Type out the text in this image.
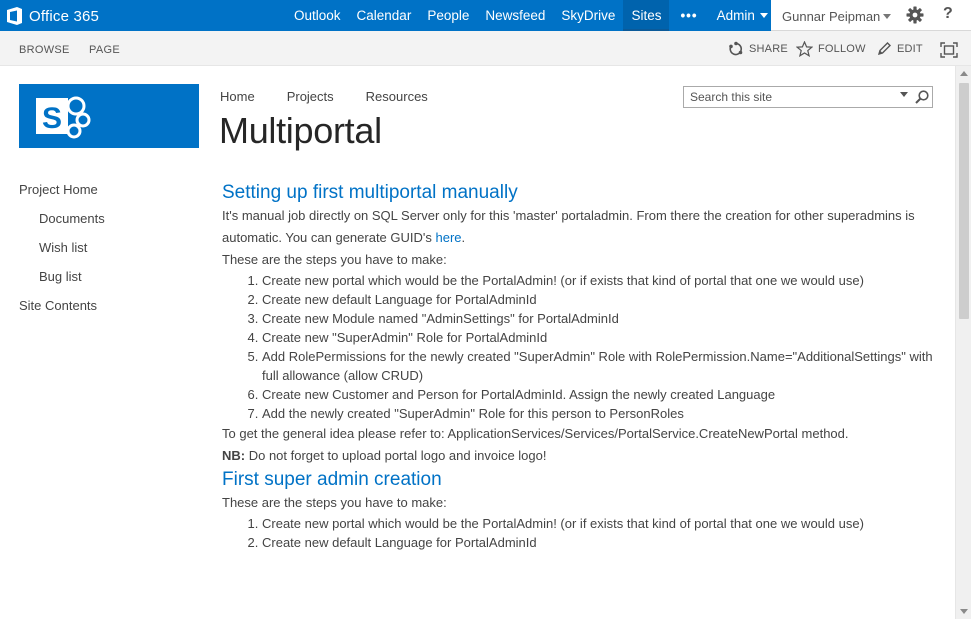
Office 365	Outlook	Calendar	People	Newsfeed	SkyDrive	Sites	•••	Admin	Gunnar Peipman	?
BROWSE PAGE	SHARE	FOLLOW	EDIT
S
Home Projects Resources
Search this site
Multiportal
Project Home
Documents
Wish list
Bug list
Site Contents
Setting up first multiportal manually

It's manual job directly on SQL Server only for this 'master' portaladmin. From there the creation for other superadmins is automatic. You can generate GUID's here.

These are the steps you have to make:

1. Create new portal which would be the PortalAdmin! (or if exists that kind of portal that one we would use)
2. Create new default Language for PortalAdminId
3. Create new Module named "AdminSettings" for PortalAdminId
4. Create new "SuperAdmin" Role for PortalAdminId
5. Add RolePermissions for the newly created "SuperAdmin" Role with RolePermission.Name="AdditionalSettings" with full allowance (allow CRUD)
6. Create new Customer and Person for PortalAdminId. Assign the newly created Language
7. Add the newly created "SuperAdmin" Role for this person to PersonRoles

To get the general idea please refer to: ApplicationServices/Services/PortalService.CreateNewPortal method.

NB: Do not forget to upload portal logo and invoice logo!

First super admin creation

These are the steps you have to make:

1. Create new portal which would be the PortalAdmin! (or if exists that kind of portal that one we would use)
2. Create new default Language for PortalAdminId
